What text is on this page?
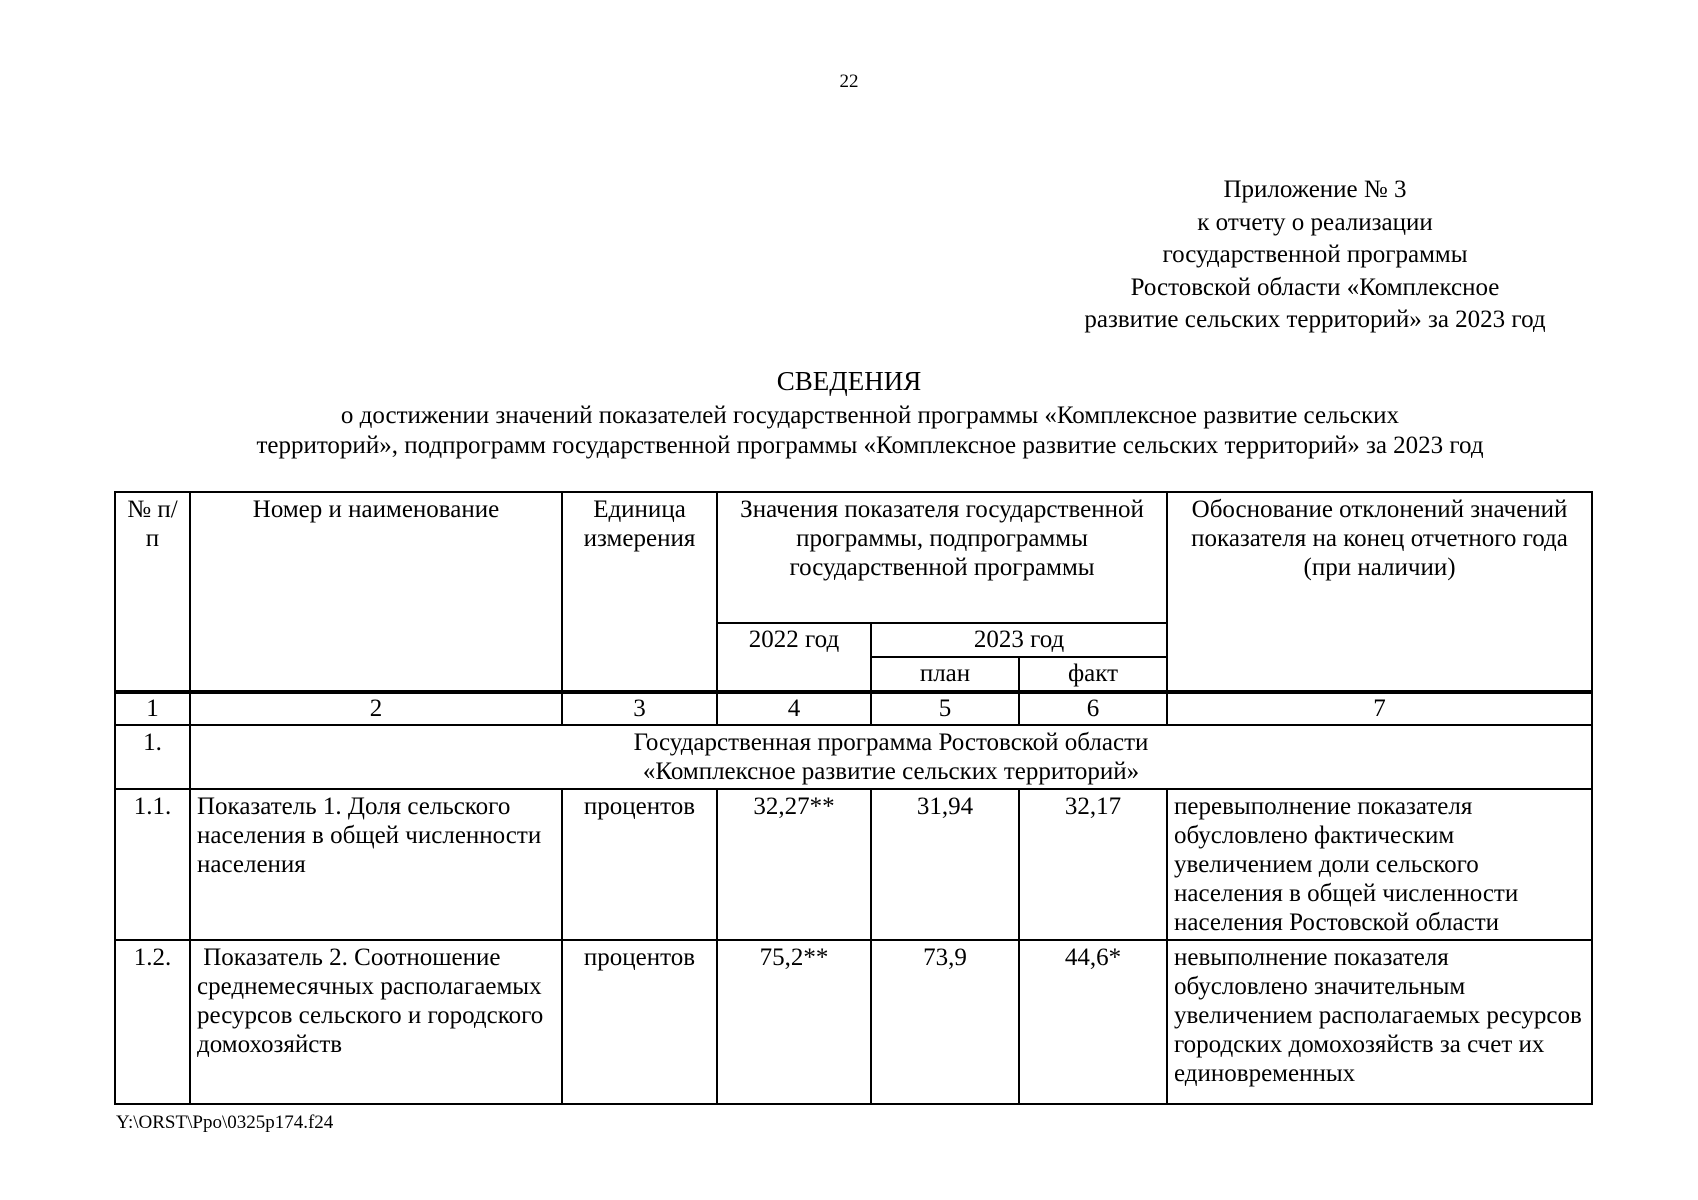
22
Приложение № 3
к отчету о реализации
государственной программы
Ростовской области «Комплексное
развитие сельских территорий» за 2023 год
СВЕДЕНИЯ
о достижении значений показателей государственной программы «Комплексное развитие сельских
территорий», подпрограмм государственной программы «Комплексное развитие сельских территорий» за 2023 год
№ п/п	Номер и наименование	Единица измерения	Значения показателя государственной программы, подпрограммы государственной программы			Обоснование отклонений значений показателя на конец отчетного года (при наличии)
			2022 год	2023 год		
				план	факт	
1	2	3	4	5	6	7
1.	Государственная программа Ростовской области
«Комплексное развитие сельских территорий»					

1.1.	Показатель 1. Доля сельского населения в общей численности населения	процентов	32,27**	31,94	32,17	перевыполнение показателя обусловлено фактическим увеличением доли сельского населения в общей численности населения Ростовской области
1.2.	Показатель 2. Соотношение среднемесячных располагаемых ресурсов сельского и городского домохозяйств	процентов	75,2**	73,9	44,6*	невыполнение показателя обусловлено значительным увеличением располагаемых ресурсов городских домохозяйств за счет их единовременных
Y:\ORST\Ppo\0325p174.f24
